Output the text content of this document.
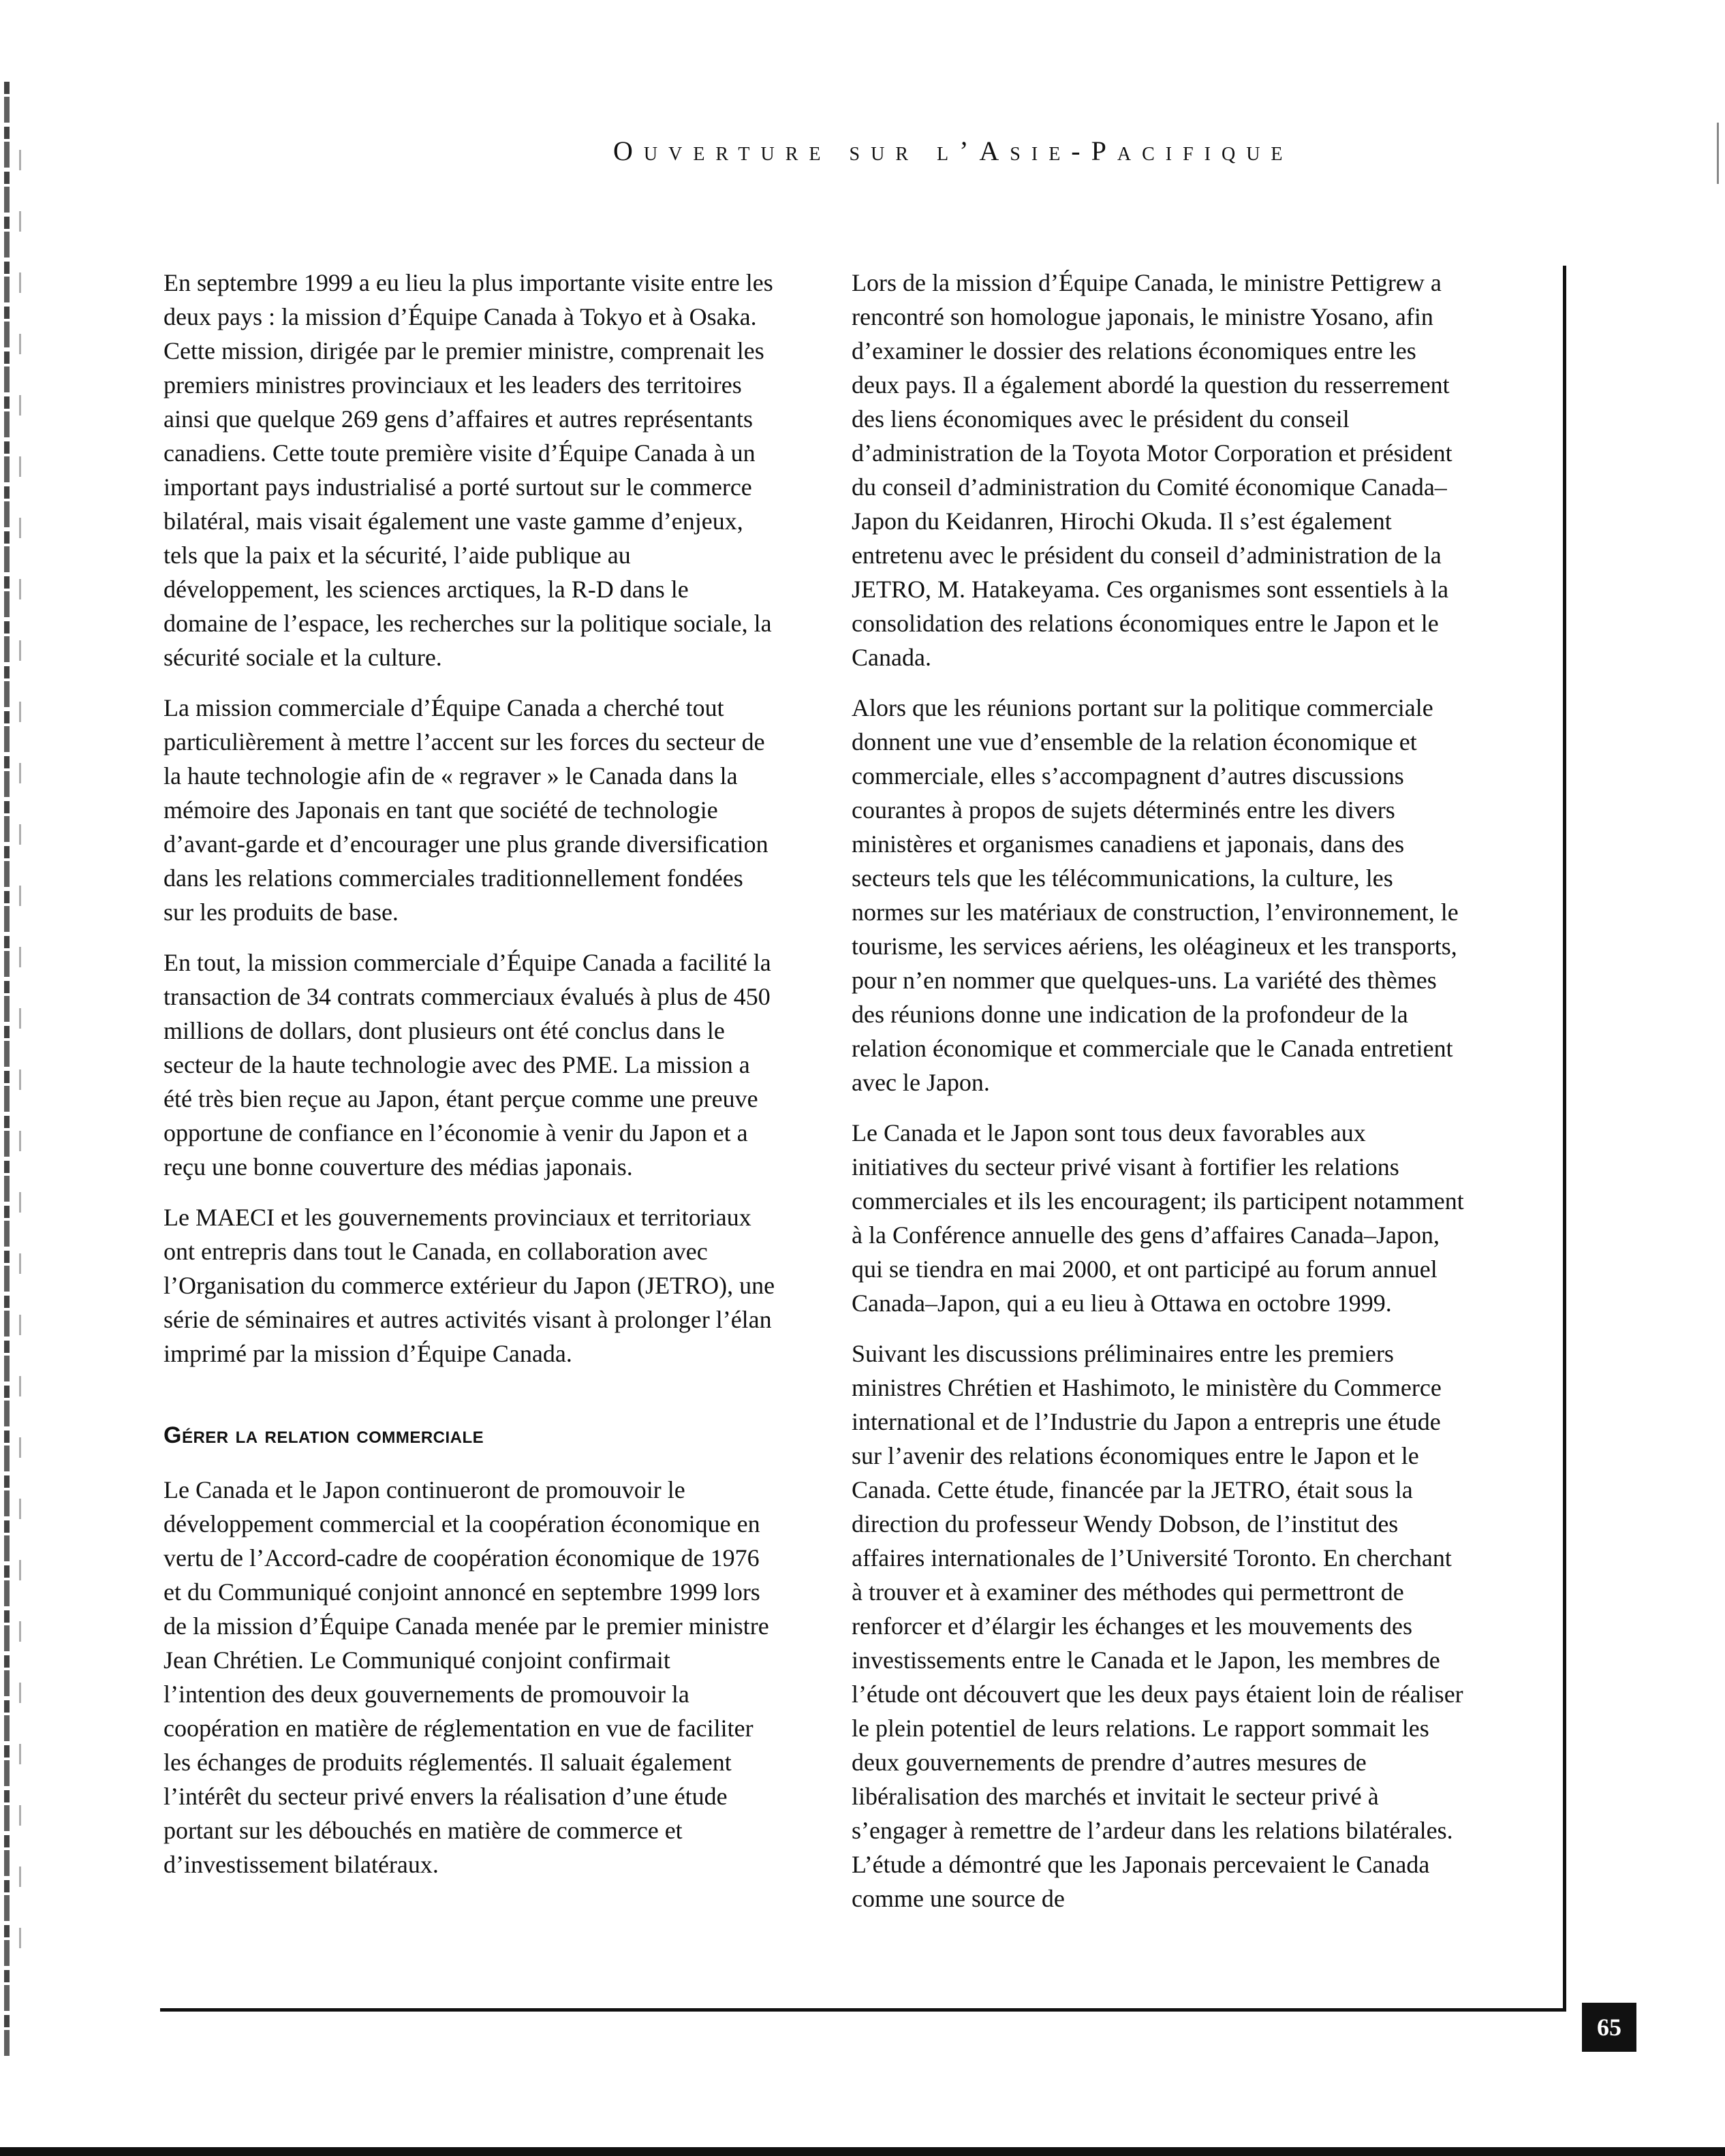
Ouverture sur l’Asie-Pacifique

En septembre 1999 a eu lieu la plus importante visite entre les deux pays : la mission d’Équipe Canada à Tokyo et à Osaka. Cette mission, dirigée par le premier ministre, comprenait les premiers ministres provinciaux et les leaders des territoires ainsi que quelque 269 gens d’affaires et autres représentants canadiens. Cette toute première visite d’Équipe Canada à un important pays industrialisé a porté surtout sur le commerce bilatéral, mais visait également une vaste gamme d’enjeux, tels que la paix et la sécurité, l’aide publique au développement, les sciences arctiques, la R-D dans le domaine de l’espace, les recherches sur la politique sociale, la sécurité sociale et la culture.

La mission commerciale d’Équipe Canada a cherché tout particulièrement à mettre l’accent sur les forces du secteur de la haute technologie afin de « regraver » le Canada dans la mémoire des Japonais en tant que société de technologie d’avant-garde et d’encourager une plus grande diversification dans les relations commerciales traditionnellement fondées sur les produits de base.

En tout, la mission commerciale d’Équipe Canada a facilité la transaction de 34 contrats commerciaux évalués à plus de 450 millions de dollars, dont plusieurs ont été conclus dans le secteur de la haute technologie avec des PME. La mission a été très bien reçue au Japon, étant perçue comme une preuve opportune de confiance en l’économie à venir du Japon et a reçu une bonne couverture des médias japonais.

Le MAECI et les gouvernements provinciaux et territoriaux ont entrepris dans tout le Canada, en collaboration avec l’Organisation du commerce extérieur du Japon (JETRO), une série de séminaires et autres activités visant à prolonger l’élan imprimé par la mission d’Équipe Canada.

Gérer la relation commerciale

Le Canada et le Japon continueront de promouvoir le développement commercial et la coopération économique en vertu de l’Accord-cadre de coopération économique de 1976 et du Communiqué conjoint annoncé en septembre 1999 lors de la mission d’Équipe Canada menée par le premier ministre Jean Chrétien. Le Communiqué conjoint confirmait l’intention des deux gouvernements de promouvoir la coopération en matière de réglementation en vue de faciliter les échanges de produits réglementés. Il saluait également l’intérêt du secteur privé envers la réalisation d’une étude portant sur les débouchés en matière de commerce et d’investissement bilatéraux.

Lors de la mission d’Équipe Canada, le ministre Pettigrew a rencontré son homologue japonais, le ministre Yosano, afin d’examiner le dossier des relations économiques entre les deux pays. Il a également abordé la question du resserrement des liens économiques avec le président du conseil d’administration de la Toyota Motor Corporation et président du conseil d’administration du Comité économique Canada–Japon du Keidanren, Hirochi Okuda. Il s’est également entretenu avec le président du conseil d’administration de la JETRO, M. Hatakeyama. Ces organismes sont essentiels à la consolidation des relations économiques entre le Japon et le Canada.

Alors que les réunions portant sur la politique commerciale donnent une vue d’ensemble de la relation économique et commerciale, elles s’accompagnent d’autres discussions courantes à propos de sujets déterminés entre les divers ministères et organismes canadiens et japonais, dans des secteurs tels que les télécommunications, la culture, les normes sur les matériaux de construction, l’environnement, le tourisme, les services aériens, les oléagineux et les transports, pour n’en nommer que quelques-uns. La variété des thèmes des réunions donne une indication de la profondeur de la relation économique et commerciale que le Canada entretient avec le Japon.

Le Canada et le Japon sont tous deux favorables aux initiatives du secteur privé visant à fortifier les relations commerciales et ils les encouragent; ils participent notamment à la Conférence annuelle des gens d’affaires Canada–Japon, qui se tiendra en mai 2000, et ont participé au forum annuel Canada–Japon, qui a eu lieu à Ottawa en octobre 1999.

Suivant les discussions préliminaires entre les premiers ministres Chrétien et Hashimoto, le ministère du Commerce international et de l’Industrie du Japon a entrepris une étude sur l’avenir des relations économiques entre le Japon et le Canada. Cette étude, financée par la JETRO, était sous la direction du professeur Wendy Dobson, de l’institut des affaires internationales de l’Université Toronto. En cherchant à trouver et à examiner des méthodes qui permettront de renforcer et d’élargir les échanges et les mouvements des investissements entre le Canada et le Japon, les membres de l’étude ont découvert que les deux pays étaient loin de réaliser le plein potentiel de leurs relations. Le rapport sommait les deux gouvernements de prendre d’autres mesures de libéralisation des marchés et invitait le secteur privé à s’engager à remettre de l’ardeur dans les relations bilatérales. L’étude a démontré que les Japonais percevaient le Canada comme une source de

65
